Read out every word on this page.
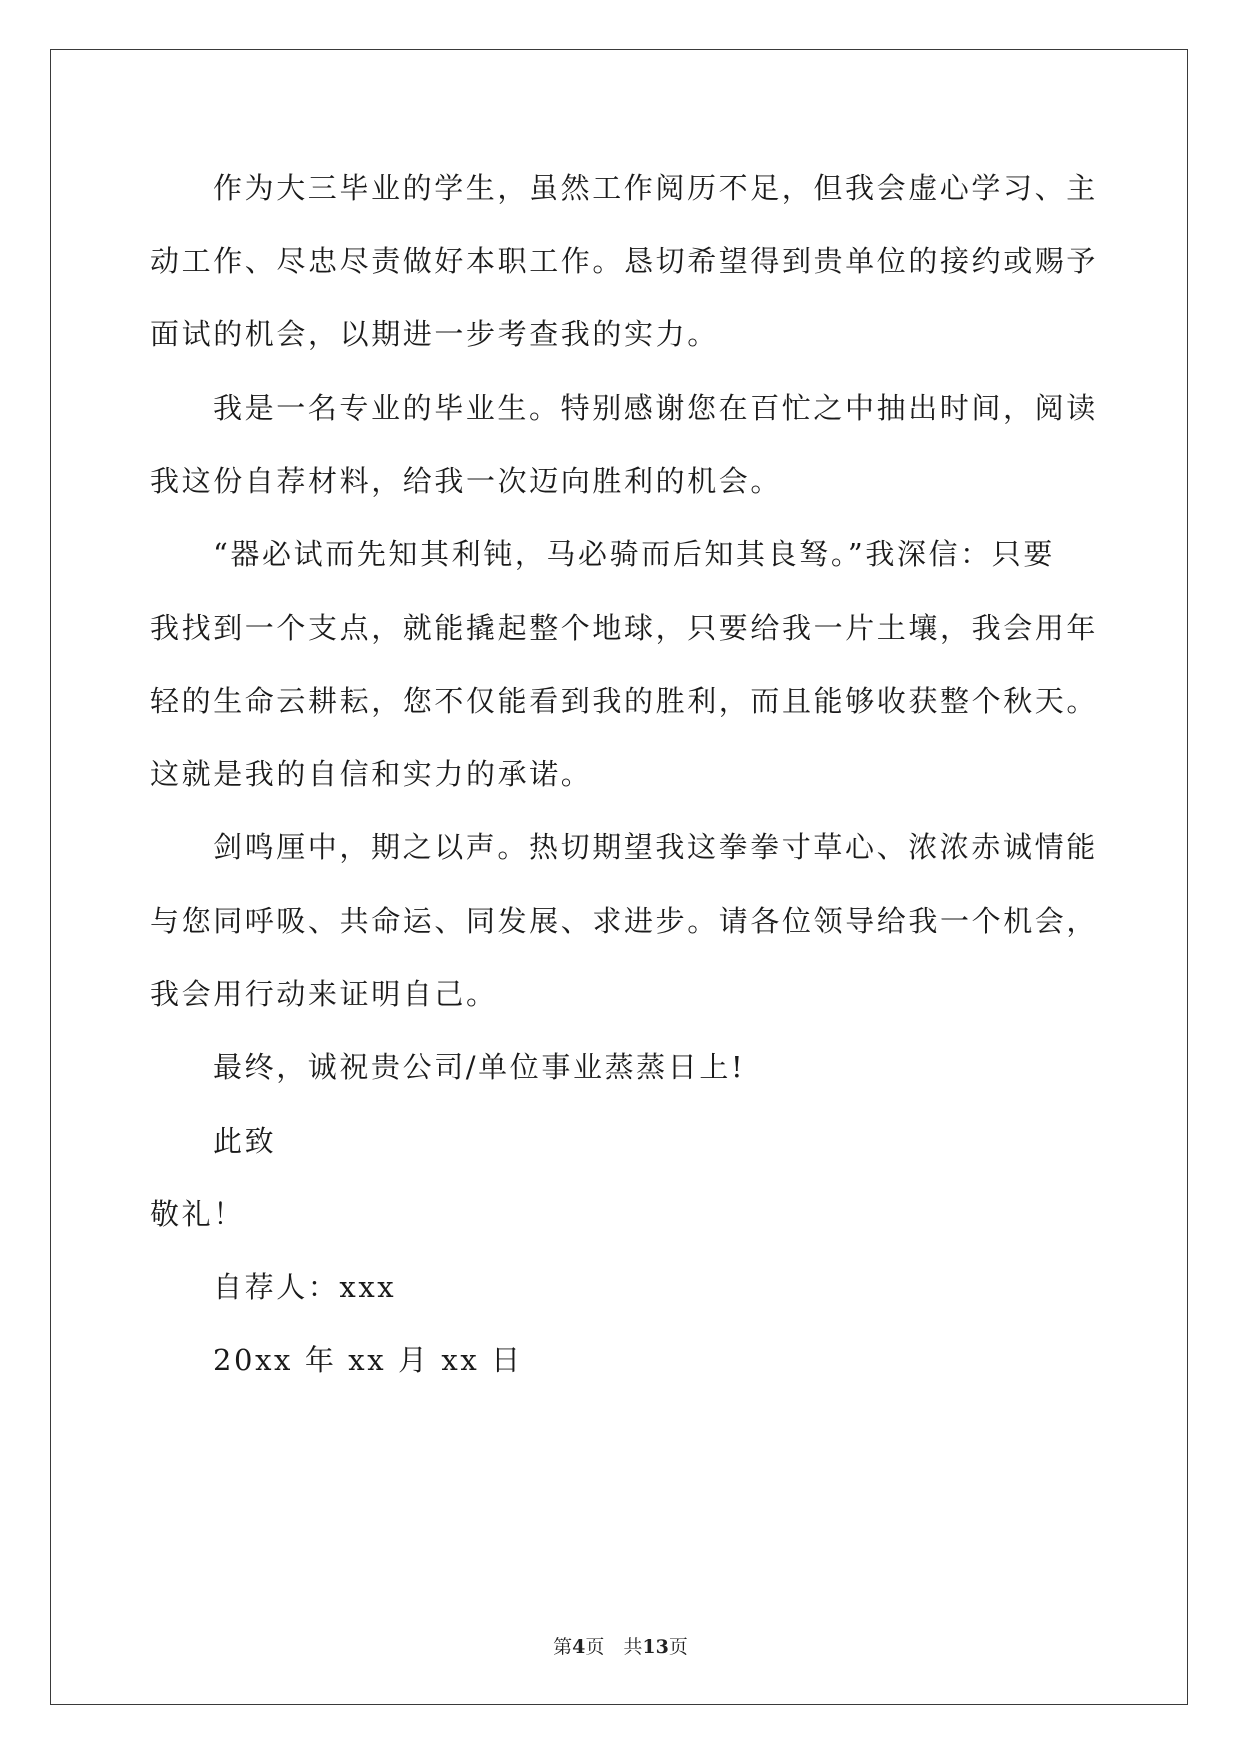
作为大三毕业的学生，虽然工作阅历不足，但我会虚心学习、主
动工作、尽忠尽责做好本职工作。恳切希望得到贵单位的接约或赐予
面试的机会，以期进一步考查我的实力。
我是一名专业的毕业生。特别感谢您在百忙之中抽出时间，阅读
我这份自荐材料，给我一次迈向胜利的机会。
“器必试而先知其利钝，马必骑而后知其良驽。”我深信：只要
我找到一个支点，就能撬起整个地球，只要给我一片土壤，我会用年
轻的生命云耕耘，您不仅能看到我的胜利，而且能够收获整个秋天。
这就是我的自信和实力的承诺。
剑鸣厘中，期之以声。热切期望我这拳拳寸草心、浓浓赤诚情能
与您同呼吸、共命运、同发展、求进步。请各位领导给我一个机会，
我会用行动来证明自己。
最终，诚祝贵公司/单位事业蒸蒸日上!
此致
敬礼！
自荐人：xxx
20xx 年 xx 月 xx 日
第4页　共13页
